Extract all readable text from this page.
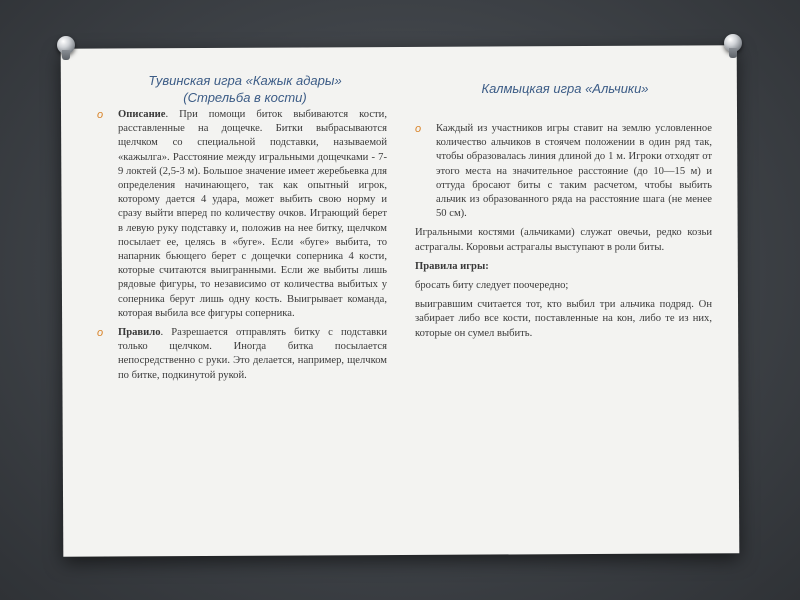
Тувинская игра «Кажык адары»
(Стрельба в кости)
Калмыцкая игра «Альчики»

o Описание. При помощи биток выбиваются кости, расставленные на дощечке. Битки выбрасываются щелчком со специальной подставки, называемой «кажылга». Расстояние между игральными дощечками - 7-9 локтей (2,5-3 м). Большое значение имеет жеребьевка для определения начинающего, так как опытный игрок, которому дается 4 удара, может выбить свою норму и сразу выйти вперед по количеству очков. Играющий берет в левую руку подставку и, положив на нее битку, щелчком посылает ее, целясь в «буге». Если «буге» выбита, то напарник бьющего берет с дощечки соперника 4 кости, которые считаются выигранными. Если же выбиты лишь рядовые фигуры, то независимо от количества выбитых у соперника берут лишь одну кость. Выигрывает команда, которая выбила все фигуры соперника.

o Правило. Разрешается отправлять битку с подставки только щелчком. Иногда битка посылается непосредственно с руки. Это делается, например, щелчком по битке, подкинутой рукой.

o Каждый из участников игры ставит на землю условленное количество альчиков в стоячем положении в один ряд так, чтобы образовалась линия длиной до 1 м. Игроки отходят от этого места на значительное расстояние (до 10—15 м) и оттуда бросают биты с таким расчетом, чтобы выбить альчик из образованного ряда на расстояние шага (не менее 50 см).

Игральными костями (альчиками) служат овечьи, редко козьи астрагалы. Коровьи астрагалы выступают в роли биты.

Правила игры:

бросать биту следует поочередно;

выигравшим считается тот, кто выбил три альчика подряд. Он забирает либо все кости, поставленные на кон, либо те из них, которые он сумел выбить.
